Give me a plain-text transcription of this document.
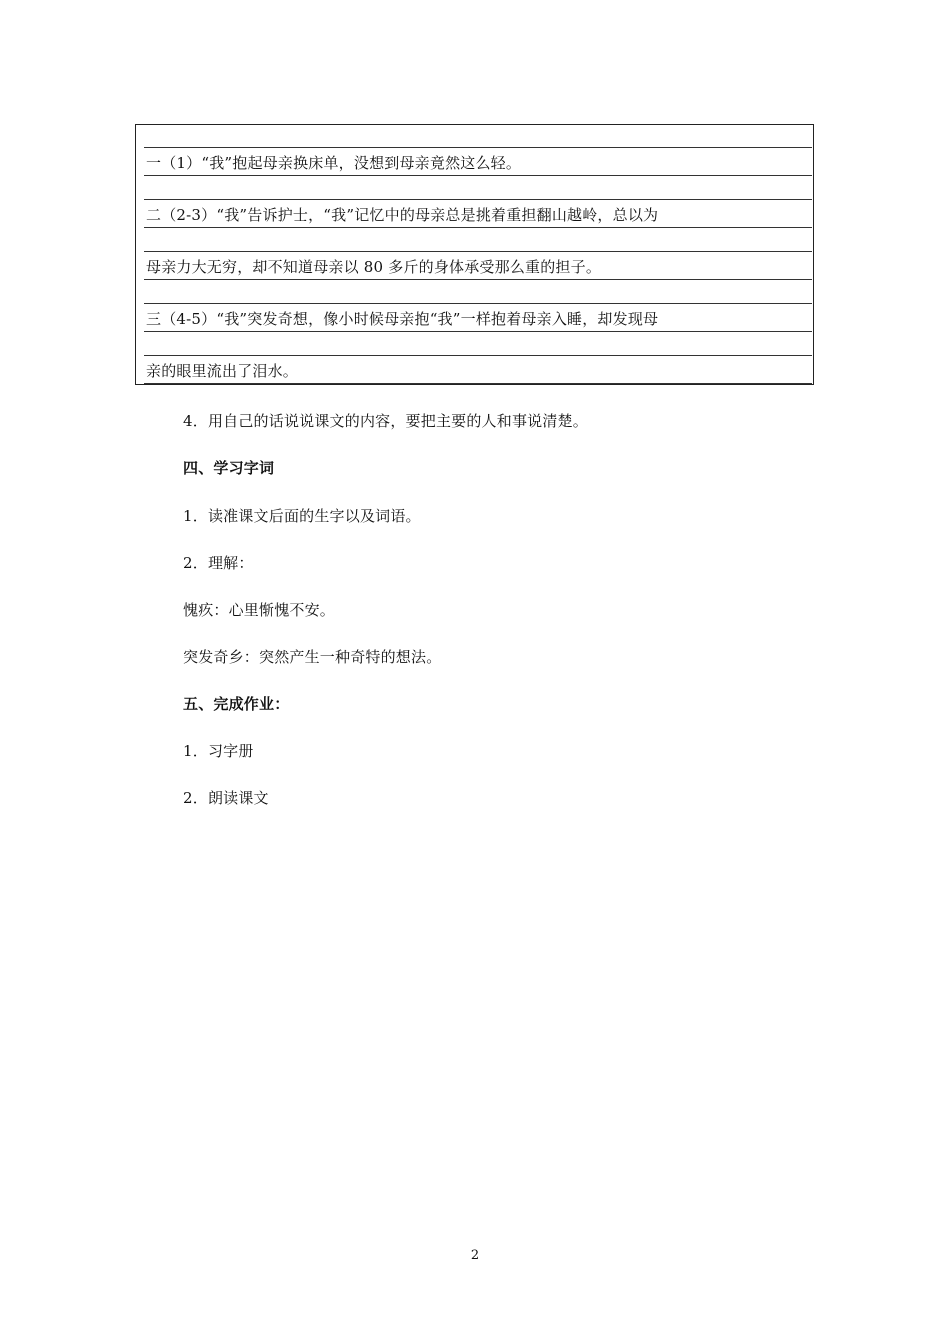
一（1）“我”抱起母亲换床单，没想到母亲竟然这么轻。
二（2-3）“我”告诉护士，“我”记忆中的母亲总是挑着重担翻山越岭，总以为
母亲力大无穷，却不知道母亲以 80 多斤的身体承受那么重的担子。
三（4-5）“我”突发奇想，像小时候母亲抱“我”一样抱着母亲入睡，却发现母
亲的眼里流出了泪水。
4．用自己的话说说课文的内容，要把主要的人和事说清楚。
四、学习字词
1．读准课文后面的生字以及词语。
2．理解：
愧疚：心里惭愧不安。
突发奇乡：突然产生一种奇特的想法。
五、完成作业：
1．习字册
2．朗读课文
2
